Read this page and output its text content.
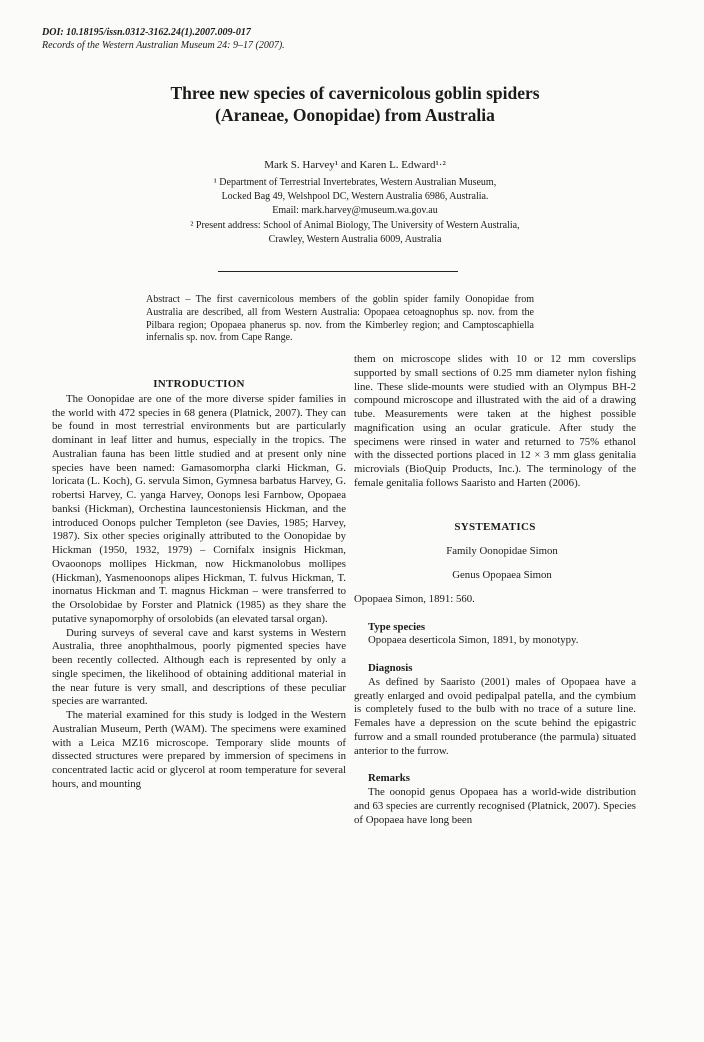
DOI: 10.18195/issn.0312-3162.24(1).2007.009-017
Records of the Western Australian Museum 24: 9–17 (2007).
Three new species of cavernicolous goblin spiders
(Araneae, Oonopidae) from Australia
Mark S. Harvey¹ and Karen L. Edward¹·²
¹ Department of Terrestrial Invertebrates, Western Australian Museum,
Locked Bag 49, Welshpool DC, Western Australia 6986, Australia.
Email: mark.harvey@museum.wa.gov.au
² Present address: School of Animal Biology, The University of Western Australia,
Crawley, Western Australia 6009, Australia

Abstract – The first cavernicolous members of the goblin spider family Oonopidae from Australia are described, all from Western Australia: Opopaea cetoagnophus sp. nov. from the Pilbara region; Opopaea phanerus sp. nov. from the Kimberley region; and Camptoscaphiella infernalis sp. nov. from Cape Range.

INTRODUCTION

The Oonopidae are one of the more diverse spider families in the world with 472 species in 68 genera (Platnick, 2007). They can be found in most terrestrial environments but are particularly dominant in leaf litter and humus, especially in the tropics. The Australian fauna has been little studied and at present only nine species have been named: Gamasomorpha clarki Hickman, G. loricata (L. Koch), G. servula Simon, Gymnesa barbatus Harvey, G. robertsi Harvey, C. yanga Harvey, Oonops lesi Farnbow, Opopaea banksi (Hickman), Orchestina launcestoniensis Hickman, and the introduced Oonops pulcher Templeton (see Davies, 1985; Harvey, 1987). Six other species originally attributed to the Oonopidae by Hickman (1950, 1932, 1979) – Cornifalx insignis Hickman, Ovaoonops mollipes Hickman, now Hickmanolobus mollipes (Hickman), Yasmenoonops alipes Hickman, T. fulvus Hickman, T. inornatus Hickman and T. magnus Hickman – were transferred to the Orsolobidae by Forster and Platnick (1985) as they share the putative synapomorphy of orsolobids (an elevated tarsal organ).

During surveys of several cave and karst systems in Western Australia, three anophthalmous, poorly pigmented species have been recently collected. Although each is represented by only a single specimen, the likelihood of obtaining additional material in the near future is very small, and descriptions of these peculiar species are warranted.

The material examined for this study is lodged in the Western Australian Museum, Perth (WAM). The specimens were examined with a Leica MZ16 microscope. Temporary slide mounts of dissected structures were prepared by immersion of specimens in concentrated lactic acid or glycerol at room temperature for several hours, and mounting

them on microscope slides with 10 or 12 mm coverslips supported by small sections of 0.25 mm diameter nylon fishing line. These slide-mounts were studied with an Olympus BH-2 compound microscope and illustrated with the aid of a drawing tube. Measurements were taken at the highest possible magnification using an ocular graticule. After study the specimens were rinsed in water and returned to 75% ethanol with the dissected portions placed in 12 × 3 mm glass genitalia microvials (BioQuip Products, Inc.). The terminology of the female genitalia follows Saaristo and Harten (2006).

SYSTEMATICS

Family Oonopidae Simon

Genus Opopaea Simon

Opopaea Simon, 1891: 560.

Type species

Opopaea deserticola Simon, 1891, by monotypy.

Diagnosis

As defined by Saaristo (2001) males of Opopaea have a greatly enlarged and ovoid pedipalpal patella, and the cymbium is completely fused to the bulb with no trace of a suture line. Females have a depression on the scute behind the epigastric furrow and a small rounded protuberance (the parmula) situated anterior to the furrow.

Remarks

The oonopid genus Opopaea has a world-wide distribution and 63 species are currently recognised (Platnick, 2007). Species of Opopaea have long been
